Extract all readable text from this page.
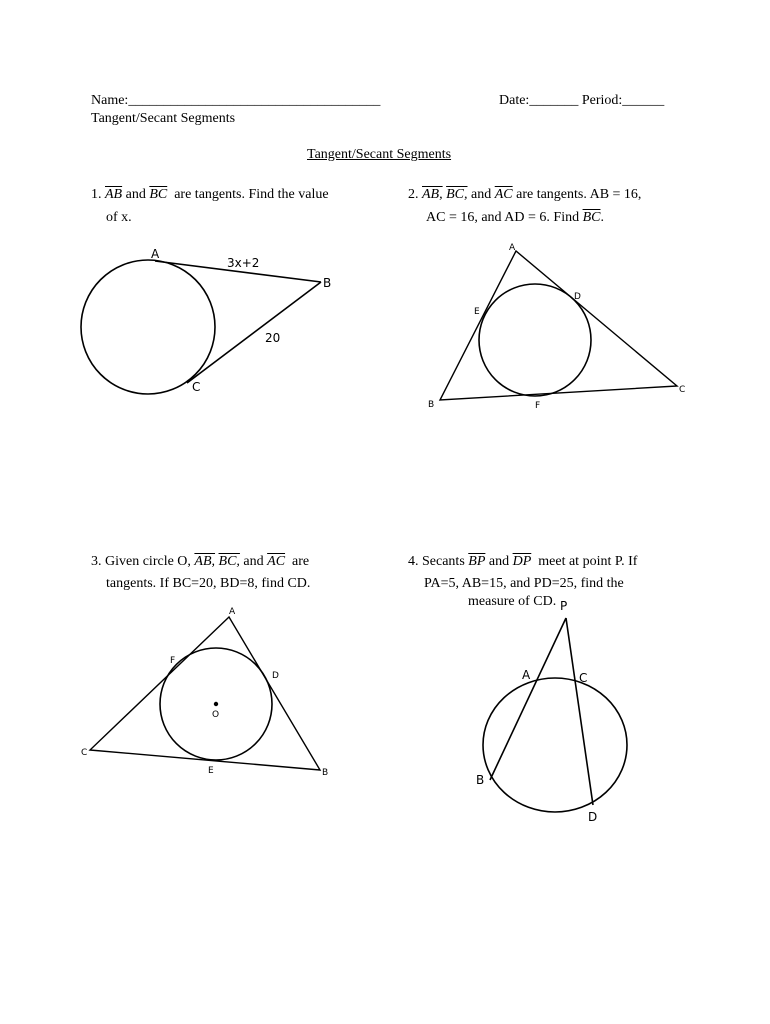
Name:____________________________________	Date:_______ Period:______
Tangent/Secant Segments
Tangent/Secant Segments
1. $\overline{AB}$ and $\overline{BC}$ are tangents. Find the value
of x.
2. AB, BC, and $\overline{AC}$ are tangents. AB = 16,
AC = 16, and AD = 6. Find $\overline{BC}$.
A
B
C
3x+2
20
A
B
C
D
E
F
3. Given circle O, AB, BC, and $\overline{AC}$ are
tangents. If BC=20, BD=8, find CD.
4. Secants $\overline{BP}$ and $\overline{DP}$ meet at point P. If
PA=5, AB=15, and PD=25, find the
measure of CD.
O
A
B
C
D
E
F
P
A	C
B
D
